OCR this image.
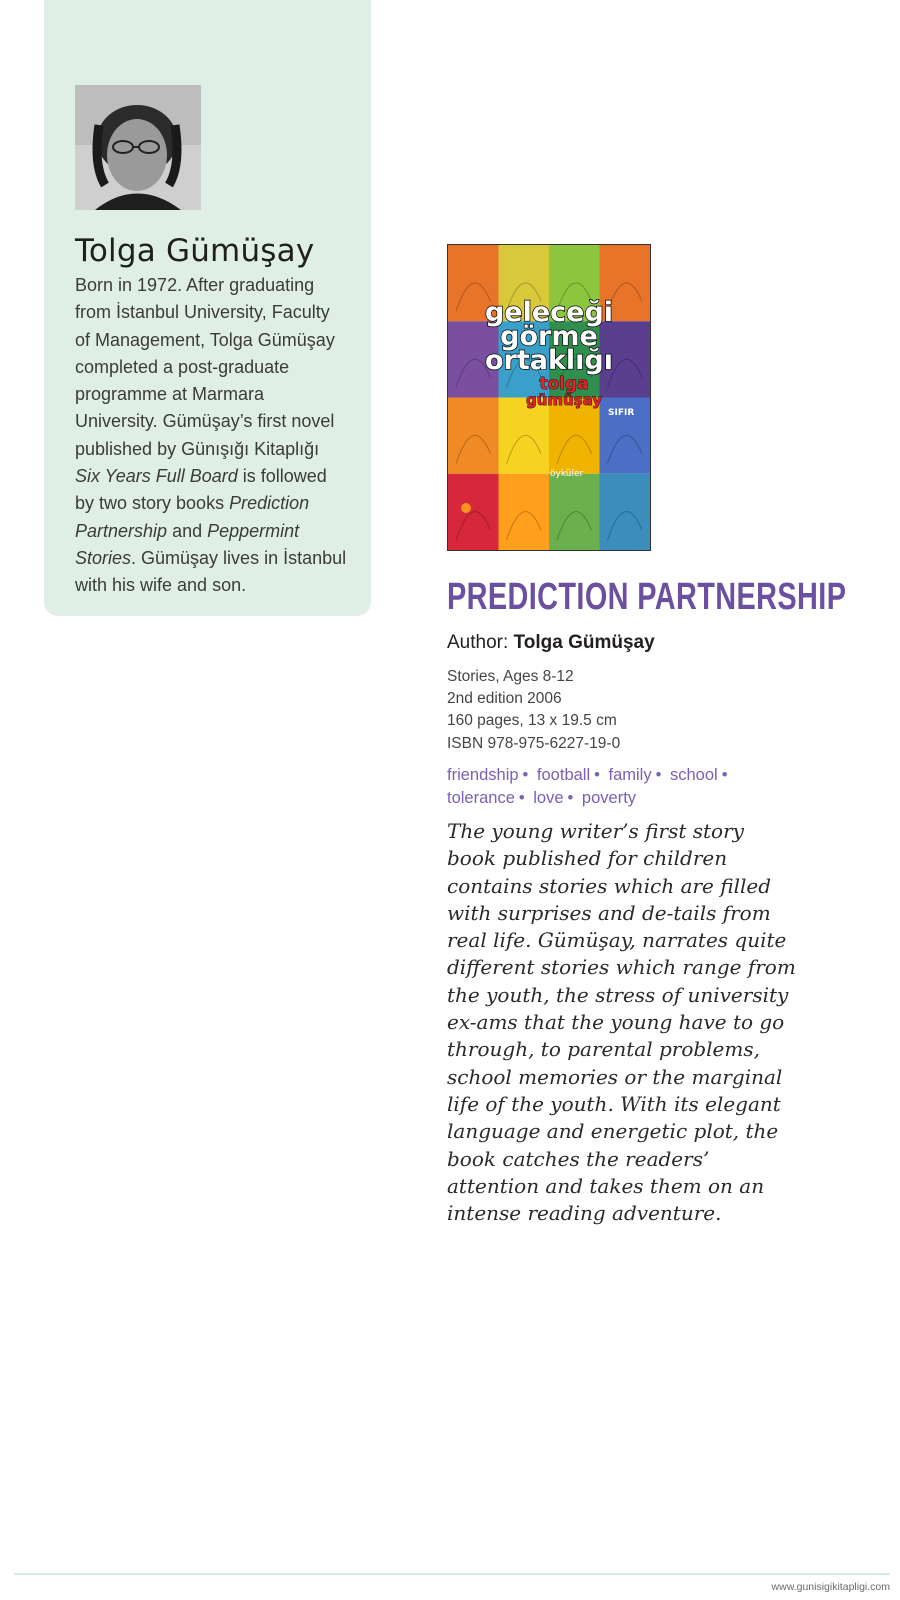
Tolga Gümüşay

Born in 1972. After graduating from İstanbul University, Faculty of Management, Tolga Gümüşay completed a post-graduate programme at Marmara University. Gümüşay’s first novel published by Günışığı Kitaplığı Six Years Full Board is followed by two story books Prediction Partnership and Peppermint Stories. Gümüşay lives in İstanbul with his wife and son.

geleceği
görme
ortaklığı
tolga
gümüşay
SIFIR
öyküler
PREDICTION PARTNERSHIP
Author: Tolga Gümüşay
Stories, Ages 8-12
2nd edition 2006
160 pages, 13 x 19.5 cm
ISBN 978-975-6227-19-0
friendship • football • family • school • tolerance • love • poverty

The young writer’s first story book published for children contains stories which are filled with surprises and de-tails from real life. Gümüşay, narrates quite different stories which range from the youth, the stress of university ex-ams that the young have to go through, to parental problems, school memories or the marginal life of the youth. With its elegant language and energetic plot, the book catches the readers’ attention and takes them on an intense reading adventure.

www.gunisigikitapligi.com
